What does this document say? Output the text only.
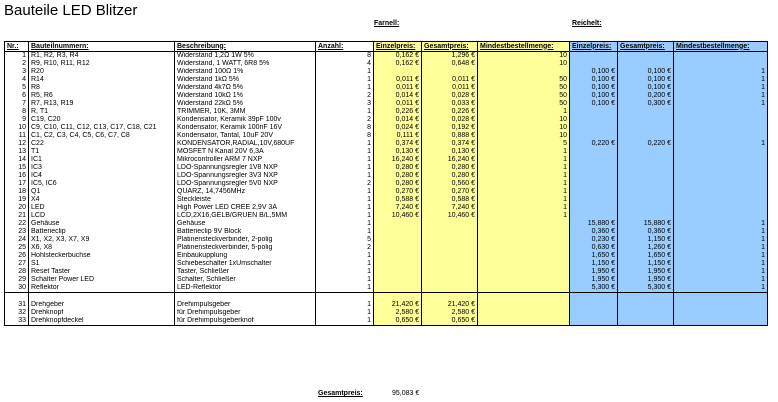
Bauteile LED Blitzer
Farnell:	Reichelt:
Nr.:	Bauteilnummern:	Beschreibung:	Anzahl:	Einzelpreis:	Gesamtpreis:	Mindestbestellmenge:	Einzelpreis:	Gesamtpreis:	Mindestbestellmenge:
1	R1, R2, R3, R4	Widerstand 1,2Ω 1W 5%	8	0,162 €	1,296 €	10			
2	R9, R10, R11, R12	Widerstand, 1 WATT, 6R8 5%	4	0,162 €	0,648 €	10			
3	R20	Widerstand 100Ω 1%	1				0,100 €	0,100 €	1
4	R14	Widerstand 1kΩ 5%	1	0,011 €	0,011 €	50	0,100 €	0,100 €	1
5	R8	Widerstand 4k7Ω 5%	1	0,011 €	0,011 €	50	0,100 €	0,100 €	1
6	R5, R6	Widerstand 10kΩ 1%	2	0,014 €	0,028 €	50	0,100 €	0,200 €	1
7	R7, R13, R19	Widerstand 22kΩ 5%	3	0,011 €	0,033 €	50	0,100 €	0,300 €	1
8	R, T1	TRIMMER, 10K, 3MM	1	0,226 €	0,226 €	1			
9	C19, C20	Kondensator, Keramik 39pF 100v	2	0,014 €	0,028 €	10			
10	C9, C10, C11, C12, C13, C17, C18, C21	Kondensator, Keramik 100nF 16V	8	0,024 €	0,192 €	10			
11	C1, C2, C3, C4, C5, C6, C7, C8	Kondensator, Tantal, 10uF 20V	8	0,111 €	0,888 €	10			
12	C22	KONDENSATOR,RADIAL,10V,680UF	1	0,374 €	0,374 €	5	0,220 €	0,220 €	1
13	T1	MOSFET N Kanal 20V 6,3A	1	0,130 €	0,130 €	1			
14	IC1	Mikrocontroller ARM 7 NXP	1	16,240 €	16,240 €	1			
15	IC3	LDO-Spannungsregler 1V8 NXP	1	0,280 €	0,280 €	1			
16	IC4	LDO-Spannungsregler 3V3 NXP	1	0,280 €	0,280 €	1			
17	IC5, IC6	LDO-Spannungsregler 5V0 NXP	2	0,280 €	0,560 €	1			
18	Q1	QUARZ, 14,7456MHz	1	0,270 €	0,270 €	1			
19	X4	Steckleiste	1	0,588 €	0,588 €	1			
20	LED	High Power LED CREE 2,9V 3A	1	7,240 €	7,240 €	1			
21	LCD	LCD,2X16,GELB/GRUEN B/L,5MM	1	10,460 €	10,460 €	1			
22	Gehäuse	Gehäuse	1				15,880 €	15,880 €	1
23	Batterieclip	Batterieclip 9V Block	1				0,360 €	0,360 €	1
24	X1, X2, X3, X7, X9	Platinensteckverbinder, 2-polig	5				0,230 €	1,150 €	1
25	X6, X8	Platinensteckverbinder, 5-polig	2				0,630 €	1,260 €	1
26	Hohlsteckerbuchse	Einbaukupplung	1				1,650 €	1,650 €	1
27	S1	Schiebeschalter 1xUmschalter	1				1,150 €	1,150 €	1
28	Reset Taster	Taster, Schließer	1				1,950 €	1,950 €	1
29	Schalter Power LED	Schalter, Schließer	1				1,950 €	1,950 €	1
30	Reflektor	LED-Reflektor	1				5,300 €	5,300 €	1

31	Drehgeber	Drehimpulsgeber	1	21,420 €	21,420 €				
32	Drehknopf	für Drehimpulsgeber	1	2,580 €	2,580 €				
33	Drehknopfdeckel	für Drehimpulsgeberknof	1	0,650 €	0,650 €				
Gesamtpreis:	95,083 €
